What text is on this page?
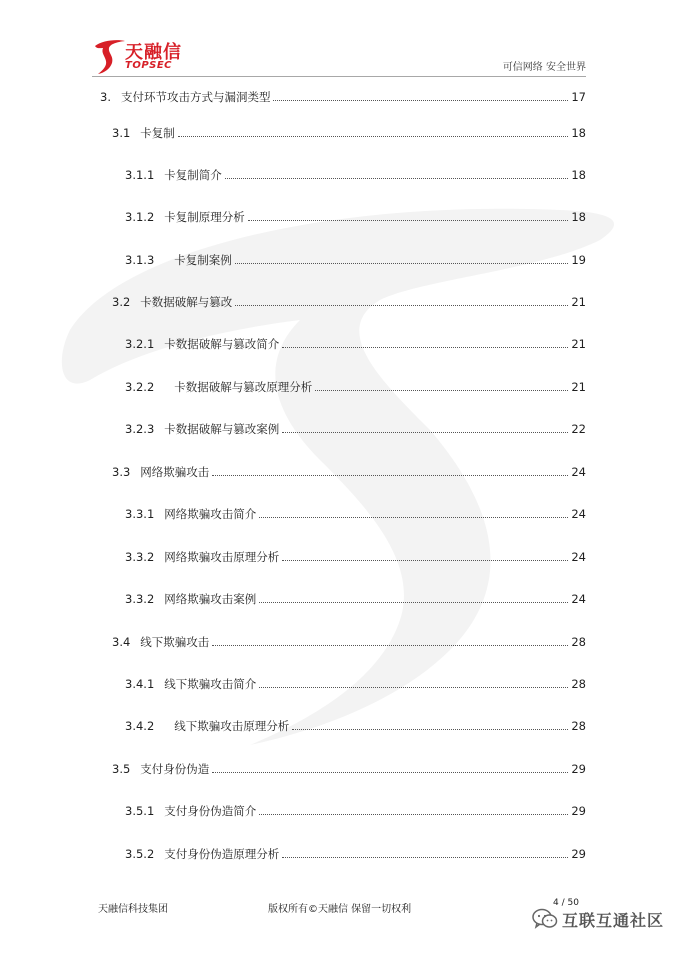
天融信
TOPSEC	可信网络 安全世界
3. 支付环节攻击方式与漏洞类型	17
3.1 卡复制	18
3.1.1 卡复制简介	18
3.1.2 卡复制原理分析	18
3.1.3 卡复制案例	19
3.2 卡数据破解与篡改	21
3.2.1 卡数据破解与篡改简介	21
3.2.2 卡数据破解与篡改原理分析	21
3.2.3 卡数据破解与篡改案例	22
3.3 网络欺骗攻击	24
3.3.1 网络欺骗攻击简介	24
3.3.2 网络欺骗攻击原理分析	24
3.3.2 网络欺骗攻击案例	24
3.4 线下欺骗攻击	28
3.4.1 线下欺骗攻击简介	28
3.4.2 线下欺骗攻击原理分析	28
3.5 支付身份伪造	29
3.5.1 支付身份伪造简介	29
3.5.2 支付身份伪造原理分析	29
天融信科技集团	版权所有©天融信 保留一切权利
4 / 50
互联互通社区
